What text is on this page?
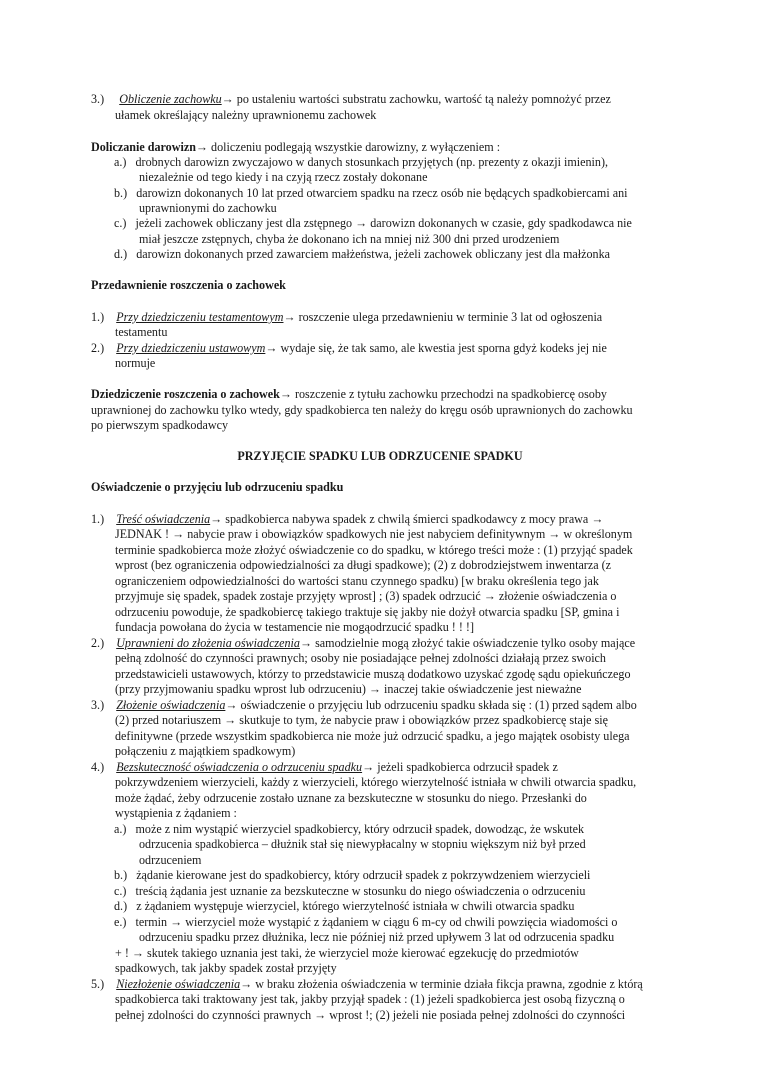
3.) Obliczenie zachowku→ po ustaleniu wartości substratu zachowku, wartość tą należy pomnożyć przez
ułamek określający należny uprawnionemu zachowek
Doliczanie darowizn→ doliczeniu podlegają wszystkie darowizny, z wyłączeniem :
a.) drobnych darowizn zwyczajowo w danych stosunkach przyjętych (np. prezenty z okazji imienin),
niezależnie od tego kiedy i na czyją rzecz zostały dokonane
b.) darowizn dokonanych 10 lat przed otwarciem spadku na rzecz osób nie będących spadkobiercami ani
uprawnionymi do zachowku
c.) jeżeli zachowek obliczany jest dla zstępnego → darowizn dokonanych w czasie, gdy spadkodawca nie
miał jeszcze zstępnych, chyba że dokonano ich na mniej niż 300 dni przed urodzeniem
d.) darowizn dokonanych przed zawarciem małżeństwa, jeżeli zachowek obliczany jest dla małżonka
Przedawnienie roszczenia o zachowek
1.) Przy dziedziczeniu testamentowym→ roszczenie ulega przedawnieniu w terminie 3 lat od ogłoszenia
testamentu
2.) Przy dziedziczeniu ustawowym→ wydaje się, że tak samo, ale kwestia jest sporna gdyż kodeks jej nie
normuje
Dziedziczenie roszczenia o zachowek→ roszczenie z tytułu zachowku przechodzi na spadkobiercę osoby
uprawnionej do zachowku tylko wtedy, gdy spadkobierca ten należy do kręgu osób uprawnionych do zachowku
po pierwszym spadkodawcy
PRZYJĘCIE SPADKU LUB ODRZUCENIE SPADKU
Oświadczenie o przyjęciu lub odrzuceniu spadku
1.) Treść oświadczenia→ spadkobierca nabywa spadek z chwilą śmierci spadkodawcy z mocy prawa →
JEDNAK ! → nabycie praw i obowiązków spadkowych nie jest nabyciem definitywnym → w określonym
terminie spadkobierca może złożyć oświadczenie co do spadku, w którego treści może : (1) przyjąć spadek
wprost (bez ograniczenia odpowiedzialności za długi spadkowe); (2) z dobrodziejstwem inwentarza (z
ograniczeniem odpowiedzialności do wartości stanu czynnego spadku) [w braku określenia tego jak
przyjmuje się spadek, spadek zostaje przyjęty wprost] ; (3) spadek odrzucić → złożenie oświadczenia o
odrzuceniu powoduje, że spadkobiercę takiego traktuje się jakby nie dożył otwarcia spadku [SP, gmina i
fundacja powołana do życia w testamencie nie mogąodrzucić spadku ! ! !]
2.) Uprawnieni do złożenia oświadczenia→ samodzielnie mogą złożyć takie oświadczenie tylko osoby mające
pełną zdolność do czynności prawnych; osoby nie posiadające pełnej zdolności działają przez swoich
przedstawicieli ustawowych, którzy to przedstawicie muszą dodatkowo uzyskać zgodę sądu opiekuńczego
(przy przyjmowaniu spadku wprost lub odrzuceniu) → inaczej takie oświadczenie jest nieważne
3.) Złożenie oświadczenia→ oświadczenie o przyjęciu lub odrzuceniu spadku składa się : (1) przed sądem albo
(2) przed notariuszem → skutkuje to tym, że nabycie praw i obowiązków przez spadkobiercę staje się
definitywne (przede wszystkim spadkobierca nie może już odrzucić spadku, a jego majątek osobisty ulega
połączeniu z majątkiem spadkowym)
4.) Bezskuteczność oświadczenia o odrzuceniu spadku→ jeżeli spadkobierca odrzucił spadek z
pokrzywdzeniem wierzycieli, każdy z wierzycieli, którego wierzytelność istniała w chwili otwarcia spadku,
może żądać, żeby odrzucenie zostało uznane za bezskuteczne w stosunku do niego. Przesłanki do
wystąpienia z żądaniem :
a.) może z nim wystąpić wierzyciel spadkobiercy, który odrzucił spadek, dowodząc, że wskutek
odrzucenia spadkobierca – dłużnik stał się niewypłacalny w stopniu większym niż był przed
odrzuceniem
b.) żądanie kierowane jest do spadkobiercy, który odrzucił spadek z pokrzywdzeniem wierzycieli
c.) treścią żądania jest uznanie za bezskuteczne w stosunku do niego oświadczenia o odrzuceniu
d.) z żądaniem występuje wierzyciel, którego wierzytelność istniała w chwili otwarcia spadku
e.) termin → wierzyciel może wystąpić z żądaniem w ciągu 6 m-cy od chwili powzięcia wiadomości o
odrzuceniu spadku przez dłużnika, lecz nie później niż przed upływem 3 lat od odrzucenia spadku
+ ! → skutek takiego uznania jest taki, że wierzyciel może kierować egzekucję do przedmiotów
spadkowych, tak jakby spadek został przyjęty
5.) Niezłożenie oświadczenia→ w braku złożenia oświadczenia w terminie działa fikcja prawna, zgodnie z którą
spadkobierca taki traktowany jest tak, jakby przyjął spadek : (1) jeżeli spadkobierca jest osobą fizyczną o
pełnej zdolności do czynności prawnych → wprost !; (2) jeżeli nie posiada pełnej zdolności do czynności
